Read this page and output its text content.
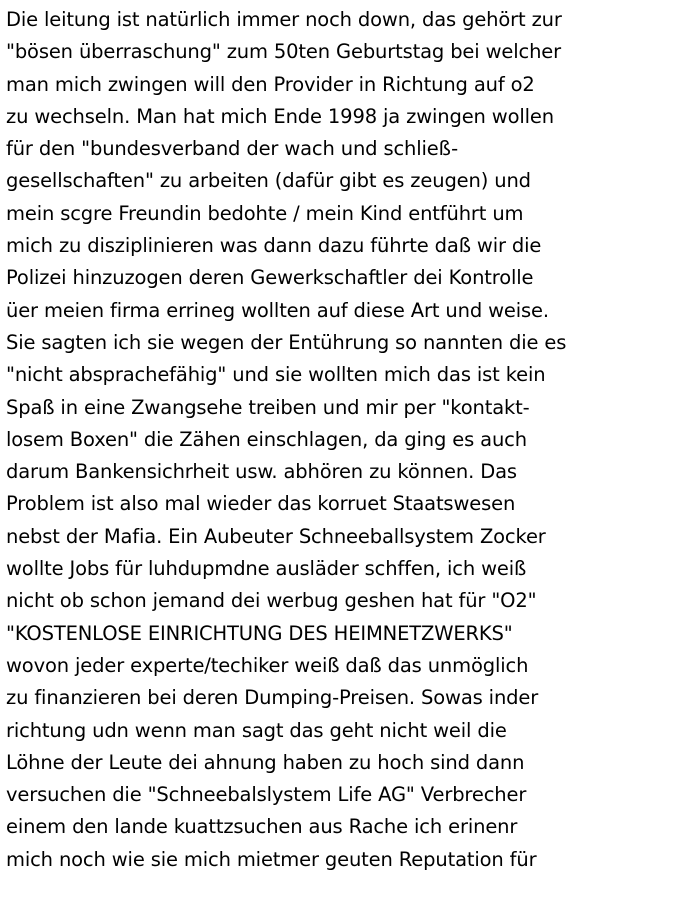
Die leitung ist natürlich immer noch down, das gehört zur
"bösen überraschung" zum 50ten Geburtstag bei welcher
man mich zwingen will den Provider in Richtung auf o2
zu wechseln. Man hat mich Ende 1998 ja zwingen wollen
für den "bundesverband der wach und schließ-
gesellschaften" zu arbeiten (dafür gibt es zeugen) und
mein scgre Freundin bedohte / mein Kind entführt um
mich zu disziplinieren was dann dazu führte daß wir die
Polizei hinzuzogen deren Gewerkschaftler dei Kontrolle
üer meien firma errineg wollten auf diese Art und weise.
Sie sagten ich sie wegen der Entührung so nannten die es
"nicht absprachefähig" und sie wollten mich das ist kein
Spaß in eine Zwangsehe treiben und mir per "kontakt-
losem Boxen" die Zähen einschlagen, da ging es auch
darum Bankensichrheit usw. abhören zu können. Das
Problem ist also mal wieder das korruet Staatswesen
nebst der Mafia. Ein Aubeuter Schneeballsystem Zocker
wollte Jobs für luhdupmdne ausläder schffen, ich weiß
nicht ob schon jemand dei werbug geshen hat für "O2"
"KOSTENLOSE EINRICHTUNG DES HEIMNETZWERKS"
wovon jeder experte/techiker weiß daß das unmöglich
zu finanzieren bei deren Dumping-Preisen. Sowas inder
richtung udn wenn man sagt das geht nicht weil die
Löhne der Leute dei ahnung haben zu hoch sind dann
versuchen die "Schneebalslystem Life AG" Verbrecher
einem den lande kuattzsuchen aus Rache ich erinenr
mich noch wie sie mich mietmer geuten Reputation für
